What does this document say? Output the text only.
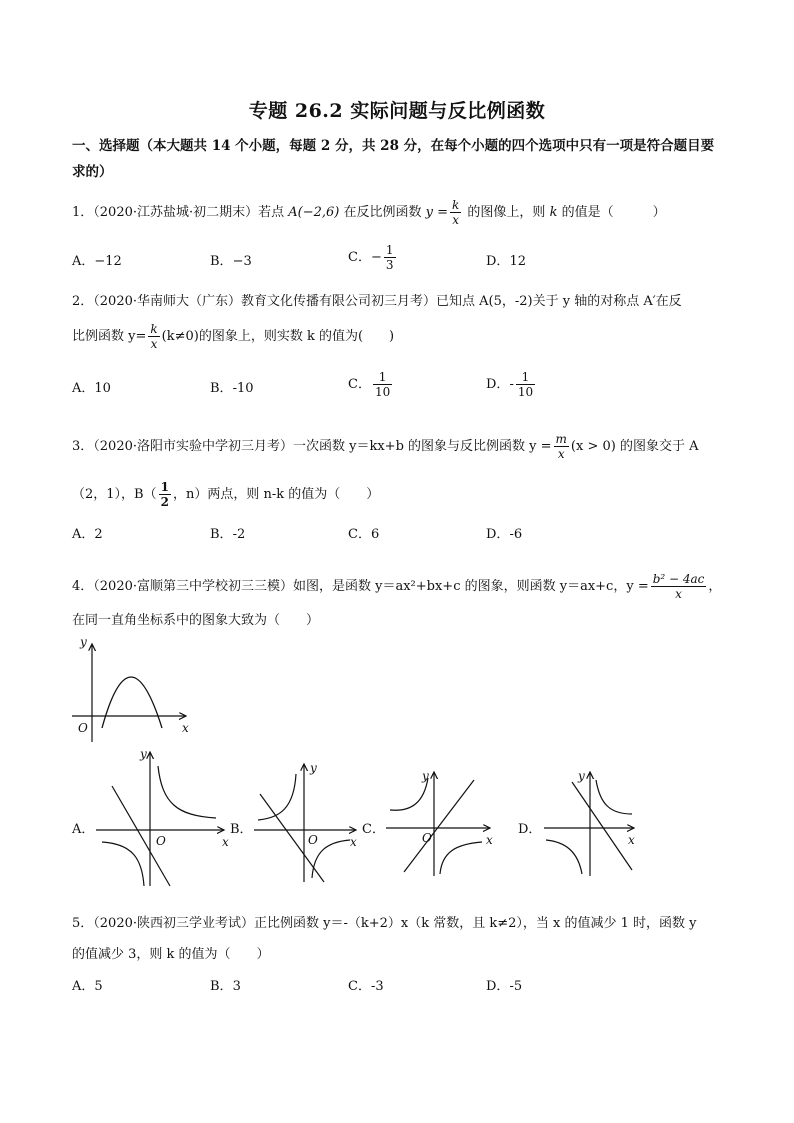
专题 26.2 实际问题与反比例函数
一、选择题（本大题共 14 个小题，每题 2 分，共 28 分，在每个小题的四个选项中只有一项是符合题目要
求的）
1．（2020·江苏盐城·初二期末）若点 A(−2,6) 在反比例函数 $y = \frac{k}{x}$ 的图像上，则 k 的值是（　　　）
A．−12	B．−3	C．− $\frac{1}{3}$	D．12
2．（2020·华南师大（广东）教育文化传播有限公司初三月考）已知点 A(5，-2)关于 y 轴的对称点 A′在反
比例函数 $y= \frac{k}{x} (k\ne 0)$的图象上，则实数 k 的值为(　　)
A．10	B．-10	C． $\frac{1}{10}$	D．- $\frac{1}{10}$
3．（2020·洛阳市实验中学初三月考）一次函数 y＝kx+b 的图象与反比例函数 $y = \frac{m}{x} (x > 0)$ 的图象交于 A
（2，1），$B( \frac{1}{2}$ ，n）两点，则 n-k 的值为（　　）
A．2	B．-2	C．6	D．-6
4．（2020·富顺第三中学校初三三模）如图，是函数 y＝ax²+bx+c 的图象，则函数 y＝ax+c，$y = \frac{\text{b² − 4ac}}{x}$ ，
在同一直角坐标系中的图象大致为（　　）
y
x
O
A．
y
x
O
B．
y
x
O
C．
y
x
O
D．
y
x
5．（2020·陕西初三学业考试）正比例函数 y＝-（k+2）x（k 常数，且 k≠2），当 x 的值减少 1 时，函数 y
的值减少 3，则 k 的值为（　　）
A．5	B．3	C．-3	D．-5
